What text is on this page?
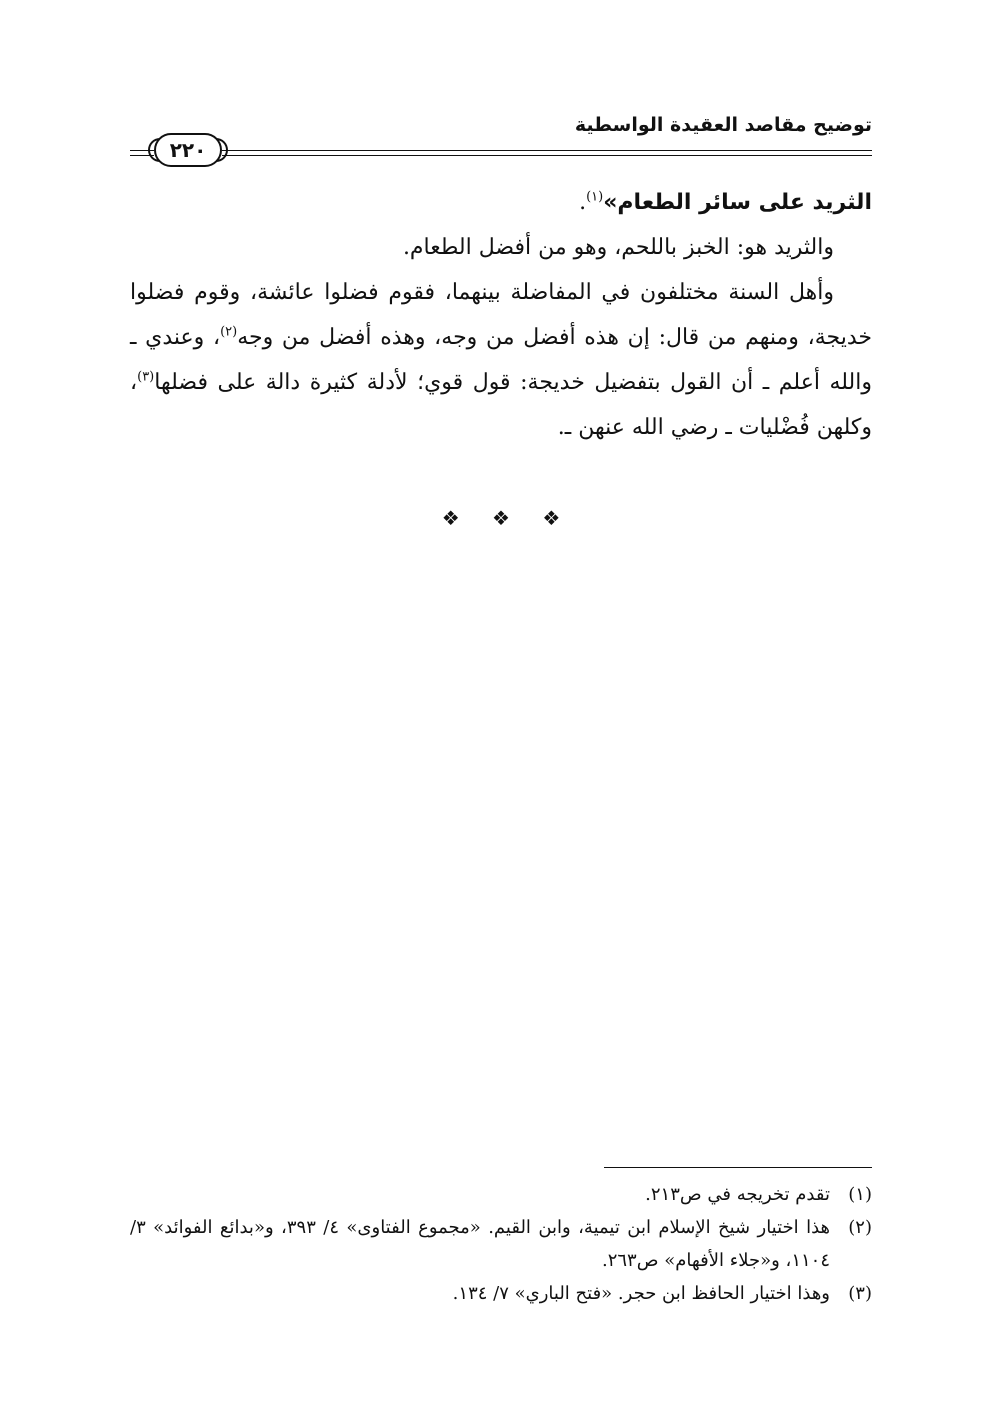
توضيح مقاصد العقيدة الواسطية
٢٢٠

الثريد على سائر الطعام»$^{(١)}$.

والثريد هو: الخبز باللحم، وهو من أفضل الطعام.

وأهل السنة مختلفون في المفاضلة بينهما، فقوم فضلوا عائشة، وقوم فضلوا خديجة، ومنهم من قال: إن هذه أفضل من وجه، وهذه أفضل من وجه$^{(٢)}$، وعندي ـ والله أعلم ـ أن القول بتفضيل خديجة: قول قوي؛ لأدلة كثيرة دالة على فضلها$^{(٣)}$، وكلهن فُضْليات ـ رضي الله عنهن ـ.

❖ ❖ ❖
(١)
تقدم تخريجه في ص٢١٣.
(٢)
هذا اختيار شيخ الإسلام ابن تيمية، وابن القيم. «مجموع الفتاوى» ٤/ ٣٩٣، و«بدائع الفوائد» ٣/ ١١٠٤، و«جلاء الأفهام» ص٢٦٣.
(٣)
وهذا اختيار الحافظ ابن حجر. «فتح الباري» ٧/ ١٣٤.
